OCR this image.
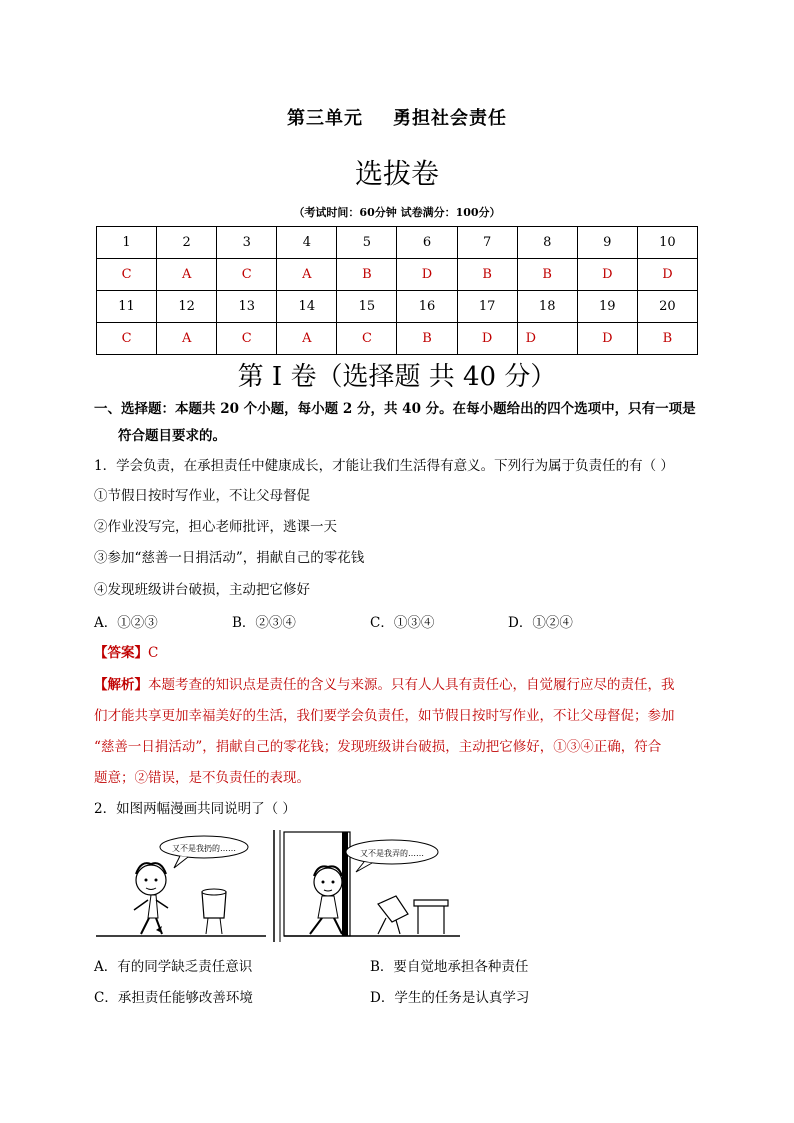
第三单元 勇担社会责任
选拔卷
（考试时间：60分钟 试卷满分：100分）
1	2	3	4	5	6	7	8	9	10
C	A	C	A	B	D	B	B	D	D
11	12	13	14	15	16	17	18	19	20
C	A	C	A	C	B	D	D	D	B
第 I 卷（选择题 共 40 分）
一、选择题：本题共 20 个小题，每小题 2 分，共 40 分。在每小题给出的四个选项中，只有一项是
符合题目要求的。
1．学会负责，在承担责任中健康成长，才能让我们生活得有意义。下列行为属于负责任的有（ ）
①节假日按时写作业，不让父母督促
②作业没写完，担心老师批评，逃课一天
③参加“慈善一日捐活动”，捐献自己的零花钱
④发现班级讲台破损，主动把它修好
A．①②③	B．②③④	C．①③④	D．①②④
【答案】C
【解析】本题考查的知识点是责任的含义与来源。只有人人具有责任心，自觉履行应尽的责任，我
们才能共享更加幸福美好的生活，我们要学会负责任，如节假日按时写作业，不让父母督促；参加
“慈善一日捐活动”，捐献自己的零花钱；发现班级讲台破损，主动把它修好，①③④正确，符合
题意；②错误，是不负责任的表现。
2．如图两幅漫画共同说明了（ ）
又不是我扔的……
又不是我弄的……
A．有的同学缺乏责任意识	B．要自觉地承担各种责任
C．承担责任能够改善环境	D．学生的任务是认真学习
